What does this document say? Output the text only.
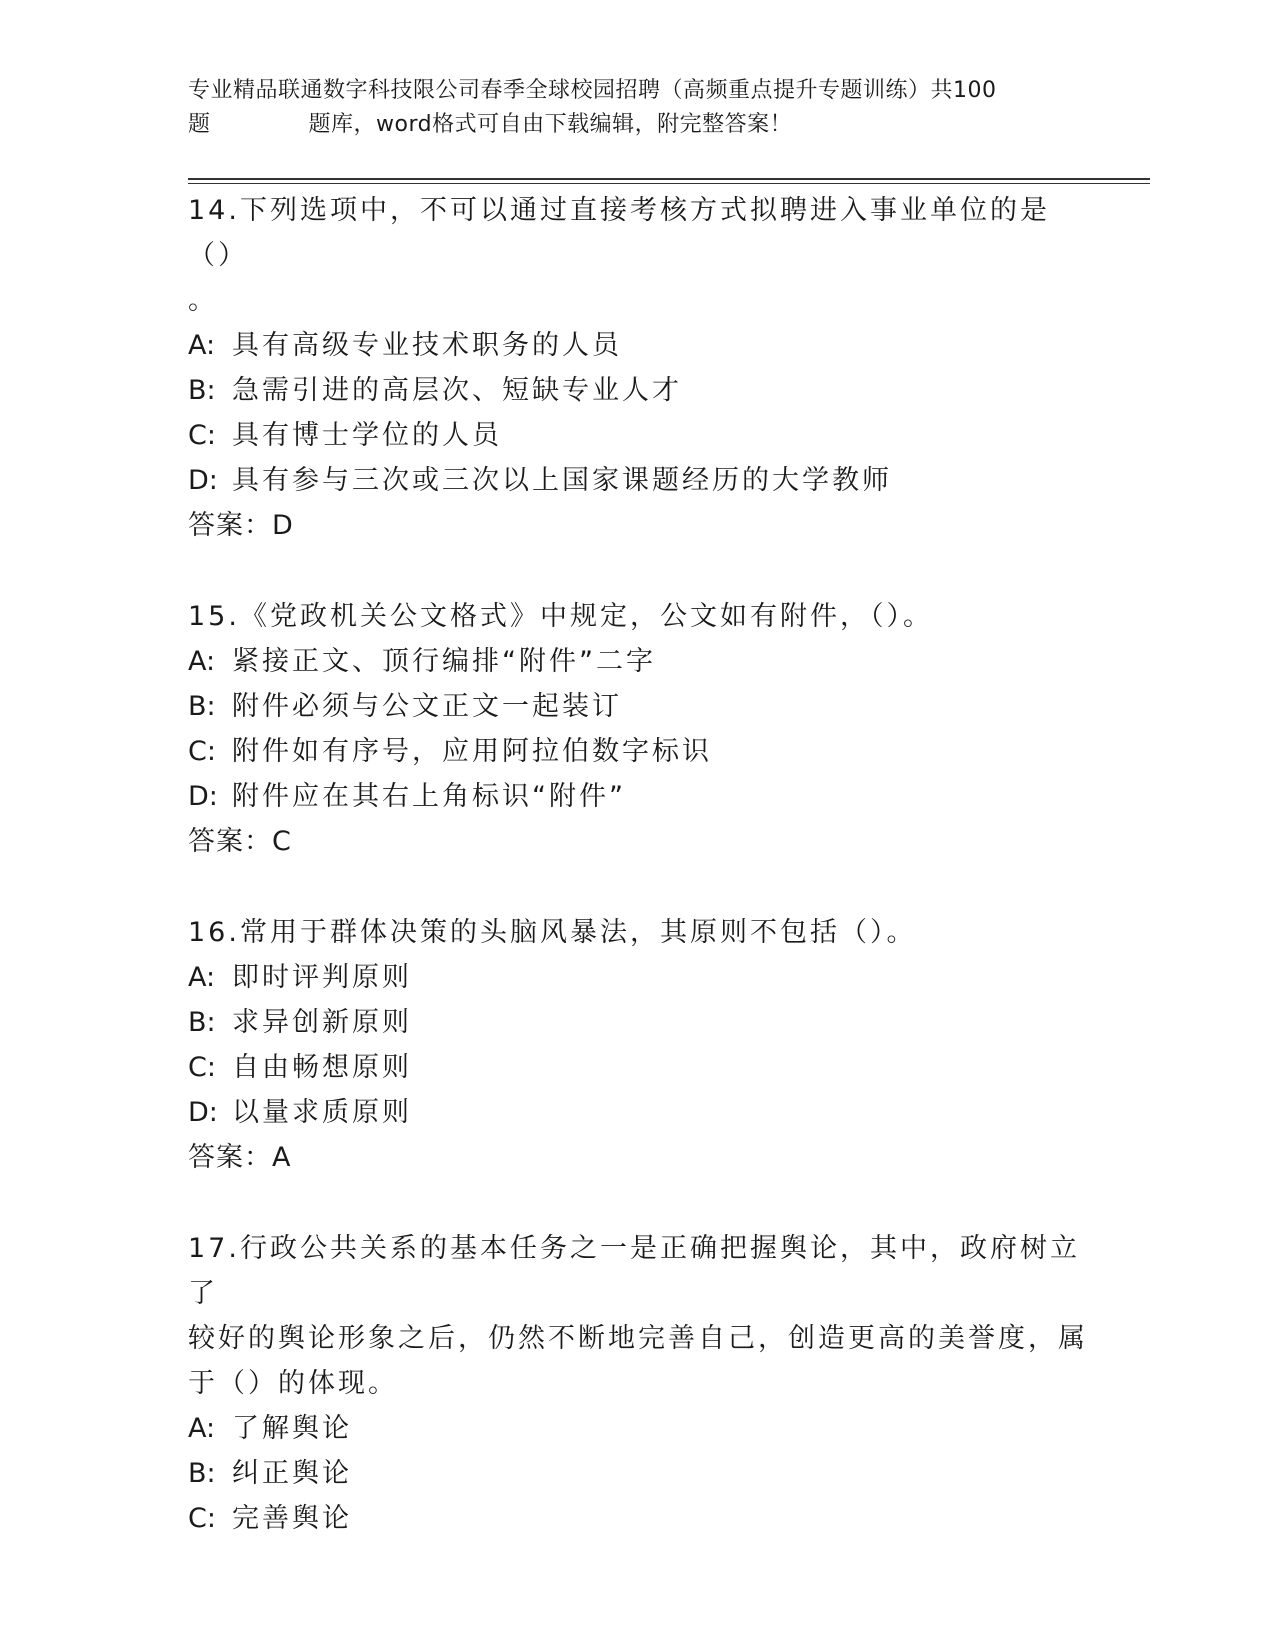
专业精品联通数字科技限公司春季全球校园招聘（高频重点提升专题训练）共100
题	题库，word格式可自由下载编辑，附完整答案！
14.下列选项中，不可以通过直接考核方式拟聘进入事业单位的是（）
。
A: 具有高级专业技术职务的人员
B: 急需引进的高层次、短缺专业人才
C: 具有博士学位的人员
D: 具有参与三次或三次以上国家课题经历的大学教师
答案：D
15.《党政机关公文格式》中规定，公文如有附件，（）。
A: 紧接正文、顶行编排“附件”二字
B: 附件必须与公文正文一起装订
C: 附件如有序号，应用阿拉伯数字标识
D: 附件应在其右上角标识“附件”
答案：C
16.常用于群体决策的头脑风暴法，其原则不包括（）。
A: 即时评判原则
B: 求异创新原则
C: 自由畅想原则
D: 以量求质原则
答案：A
17.行政公共关系的基本任务之一是正确把握舆论，其中，政府树立了
较好的舆论形象之后，仍然不断地完善自己，创造更高的美誉度，属
于（）的体现。
A: 了解舆论
B: 纠正舆论
C: 完善舆论
